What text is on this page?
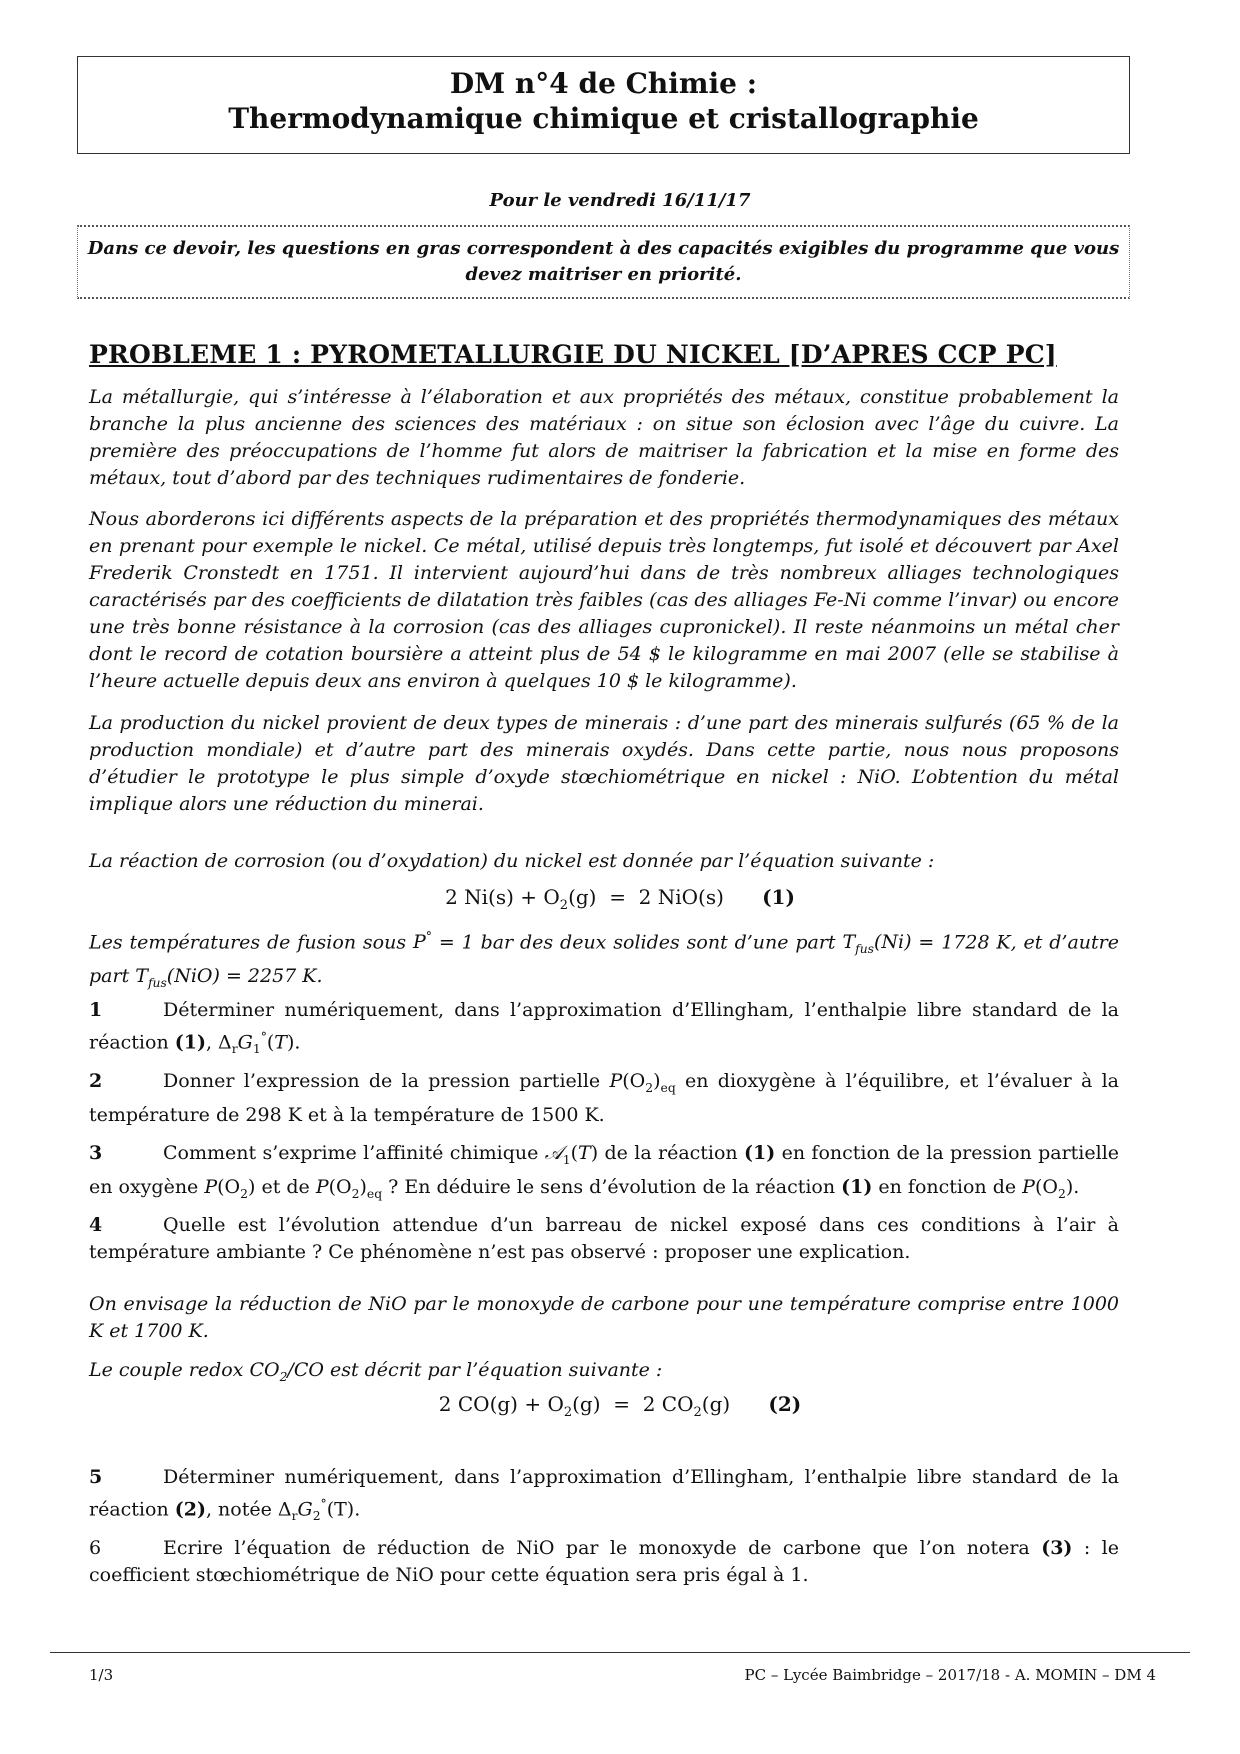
DM n°4 de Chimie :
Thermodynamique chimique et cristallographie
Pour le vendredi 16/11/17
Dans ce devoir, les questions en gras correspondent à des capacités exigibles du programme que vous devez maitriser en priorité.
PROBLEME 1 : PYROMETALLURGIE DU NICKEL [D’APRES CCP PC]
La métallurgie, qui s’intéresse à l’élaboration et aux propriétés des métaux, constitue probablement la branche la plus ancienne des sciences des matériaux : on situe son éclosion avec l’âge du cuivre. La première des préoccupations de l’homme fut alors de maitriser la fabrication et la mise en forme des métaux, tout d’abord par des techniques rudimentaires de fonderie.
Nous aborderons ici différents aspects de la préparation et des propriétés thermodynamiques des métaux en prenant pour exemple le nickel. Ce métal, utilisé depuis très longtemps, fut isolé et découvert par Axel Frederik Cronstedt en 1751. Il intervient aujourd’hui dans de très nombreux alliages technologiques caractérisés par des coefficients de dilatation très faibles (cas des alliages Fe-Ni comme l’invar) ou encore une très bonne résistance à la corrosion (cas des alliages cupronickel). Il reste néanmoins un métal cher dont le record de cotation boursière a atteint plus de 54 $ le kilogramme en mai 2007 (elle se stabilise à l’heure actuelle depuis deux ans environ à quelques 10 $ le kilogramme).
La production du nickel provient de deux types de minerais : d’une part des minerais sulfurés (65 % de la production mondiale) et d’autre part des minerais oxydés. Dans cette partie, nous nous proposons d’étudier le prototype le plus simple d’oxyde stœchiométrique en nickel : NiO. L’obtention du métal implique alors une réduction du minerai.
La réaction de corrosion (ou d’oxydation) du nickel est donnée par l’équation suivante :
2 $Ni(s) + O_2(g) = 2$ NiO(s) (1)
Les températures de fusion sous P° = 1 bar des deux solides sont d’une part $T_{fus}(Ni) = 1728$ K, et d’autre part $T_{fus}(NiO) = 2257$ K.
1	Déterminer numériquement, dans l’approximation d’Ellingham, l’enthalpie libre standard de la réaction (1), $\Delta_rG_1^\circ(T)$.
2	Donner l’expression de la pression partielle $P(O_2)_{eq}$ en dioxygène à l’équilibre, et l’évaluer à la température de 298 K et à la température de 1500 K.
3	Comment s’exprime l’affinité chimique 𝒜$_1$(T) de la réaction (1) en fonction de la pression partielle en oxygène $P(O_2)$ et de $P(O_2)_{eq}$ ? En déduire le sens d’évolution de la réaction (1) en fonction de $P(O_2)$.
4	Quelle est l’évolution attendue d’un barreau de nickel exposé dans ces conditions à l’air à température ambiante ? Ce phénomène n’est pas observé : proposer une explication.
On envisage la réduction de NiO par le monoxyde de carbone pour une température comprise entre 1000 K et 1700 K.
Le couple redox $CO_2/CO$ est décrit par l’équation suivante :
2 $CO(g) + O_2(g) = 2$ $CO_2(g)$ (2)
5	Déterminer numériquement, dans l’approximation d’Ellingham, l’enthalpie libre standard de la réaction (2), notée $\Delta_rG_2^\circ(T)$.
6	Ecrire l’équation de réduction de NiO par le monoxyde de carbone que l’on notera (3) : le coefficient stœchiométrique de NiO pour cette équation sera pris égal à 1.
1/3	PC – Lycée Baimbridge – 2017/18 - A. MOMIN – DM 4
